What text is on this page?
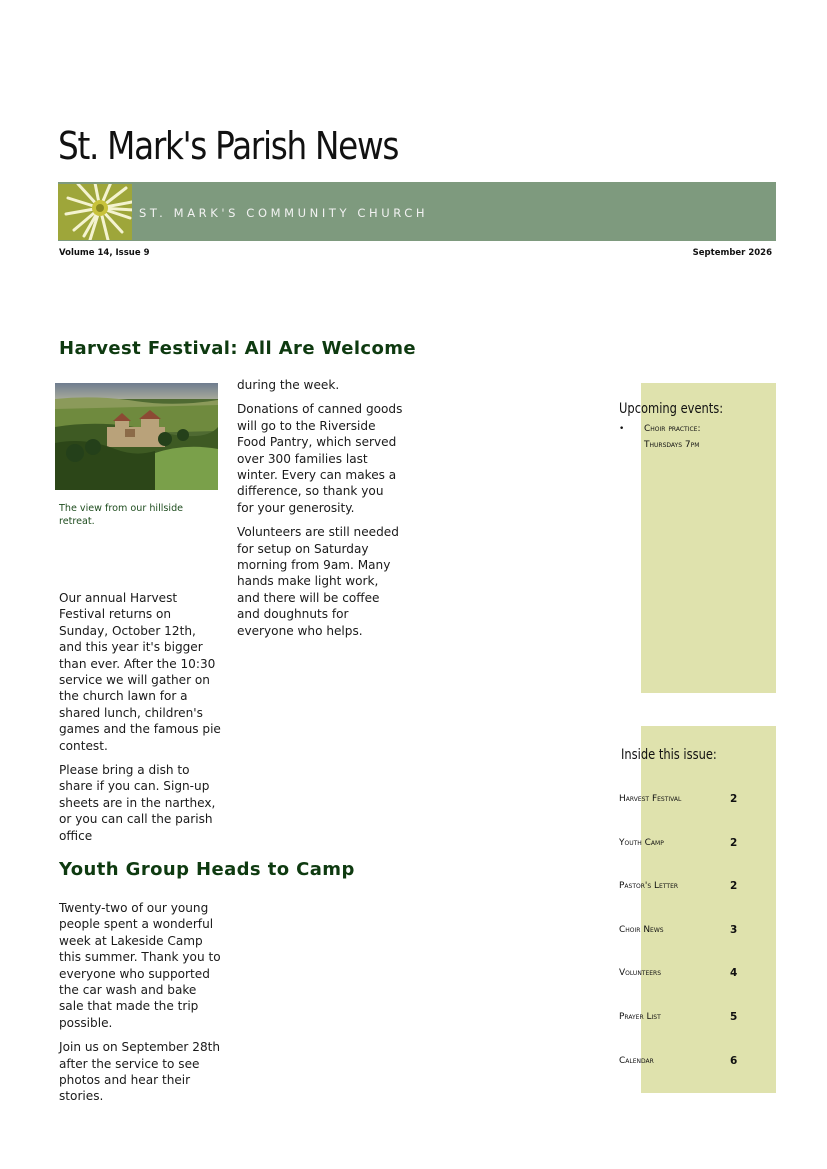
St. Mark's Parish News
ST. MARK'S COMMUNITY CHURCH
Volume 14, Issue 9	September 2026
Harvest Festival: All Are Welcome
The view from our hillside retreat.

Our annual Harvest Festival returns on Sunday, October 12th, and this year it's bigger than ever. After the 10:30 service we will gather on the church lawn for a shared lunch, children's games and the famous pie contest.

Please bring a dish to share if you can. Sign-up sheets are in the narthex, or you can call the parish office

during the week.

Donations of canned goods will go to the Riverside Food Pantry, which served over 300 families last winter. Every can makes a difference, so thank you for your generosity.

Volunteers are still needed for setup on Saturday morning from 9am. Many hands make light work, and there will be coffee and doughnuts for everyone who helps.

Youth Group Heads to Camp

Twenty-two of our young people spent a wonderful week at Lakeside Camp this summer. Thank you to everyone who supported the car wash and bake sale that made the trip possible.

Join us on September 28th after the service to see photos and hear their stories.

Upcoming events:
• Choir practice: Thursdays 7pm
Inside this issue:
Harvest Festival	2
Youth Camp	2
Pastor's Letter	2
Choir News	3
Volunteers	4
Prayer List	5
Calendar	6
